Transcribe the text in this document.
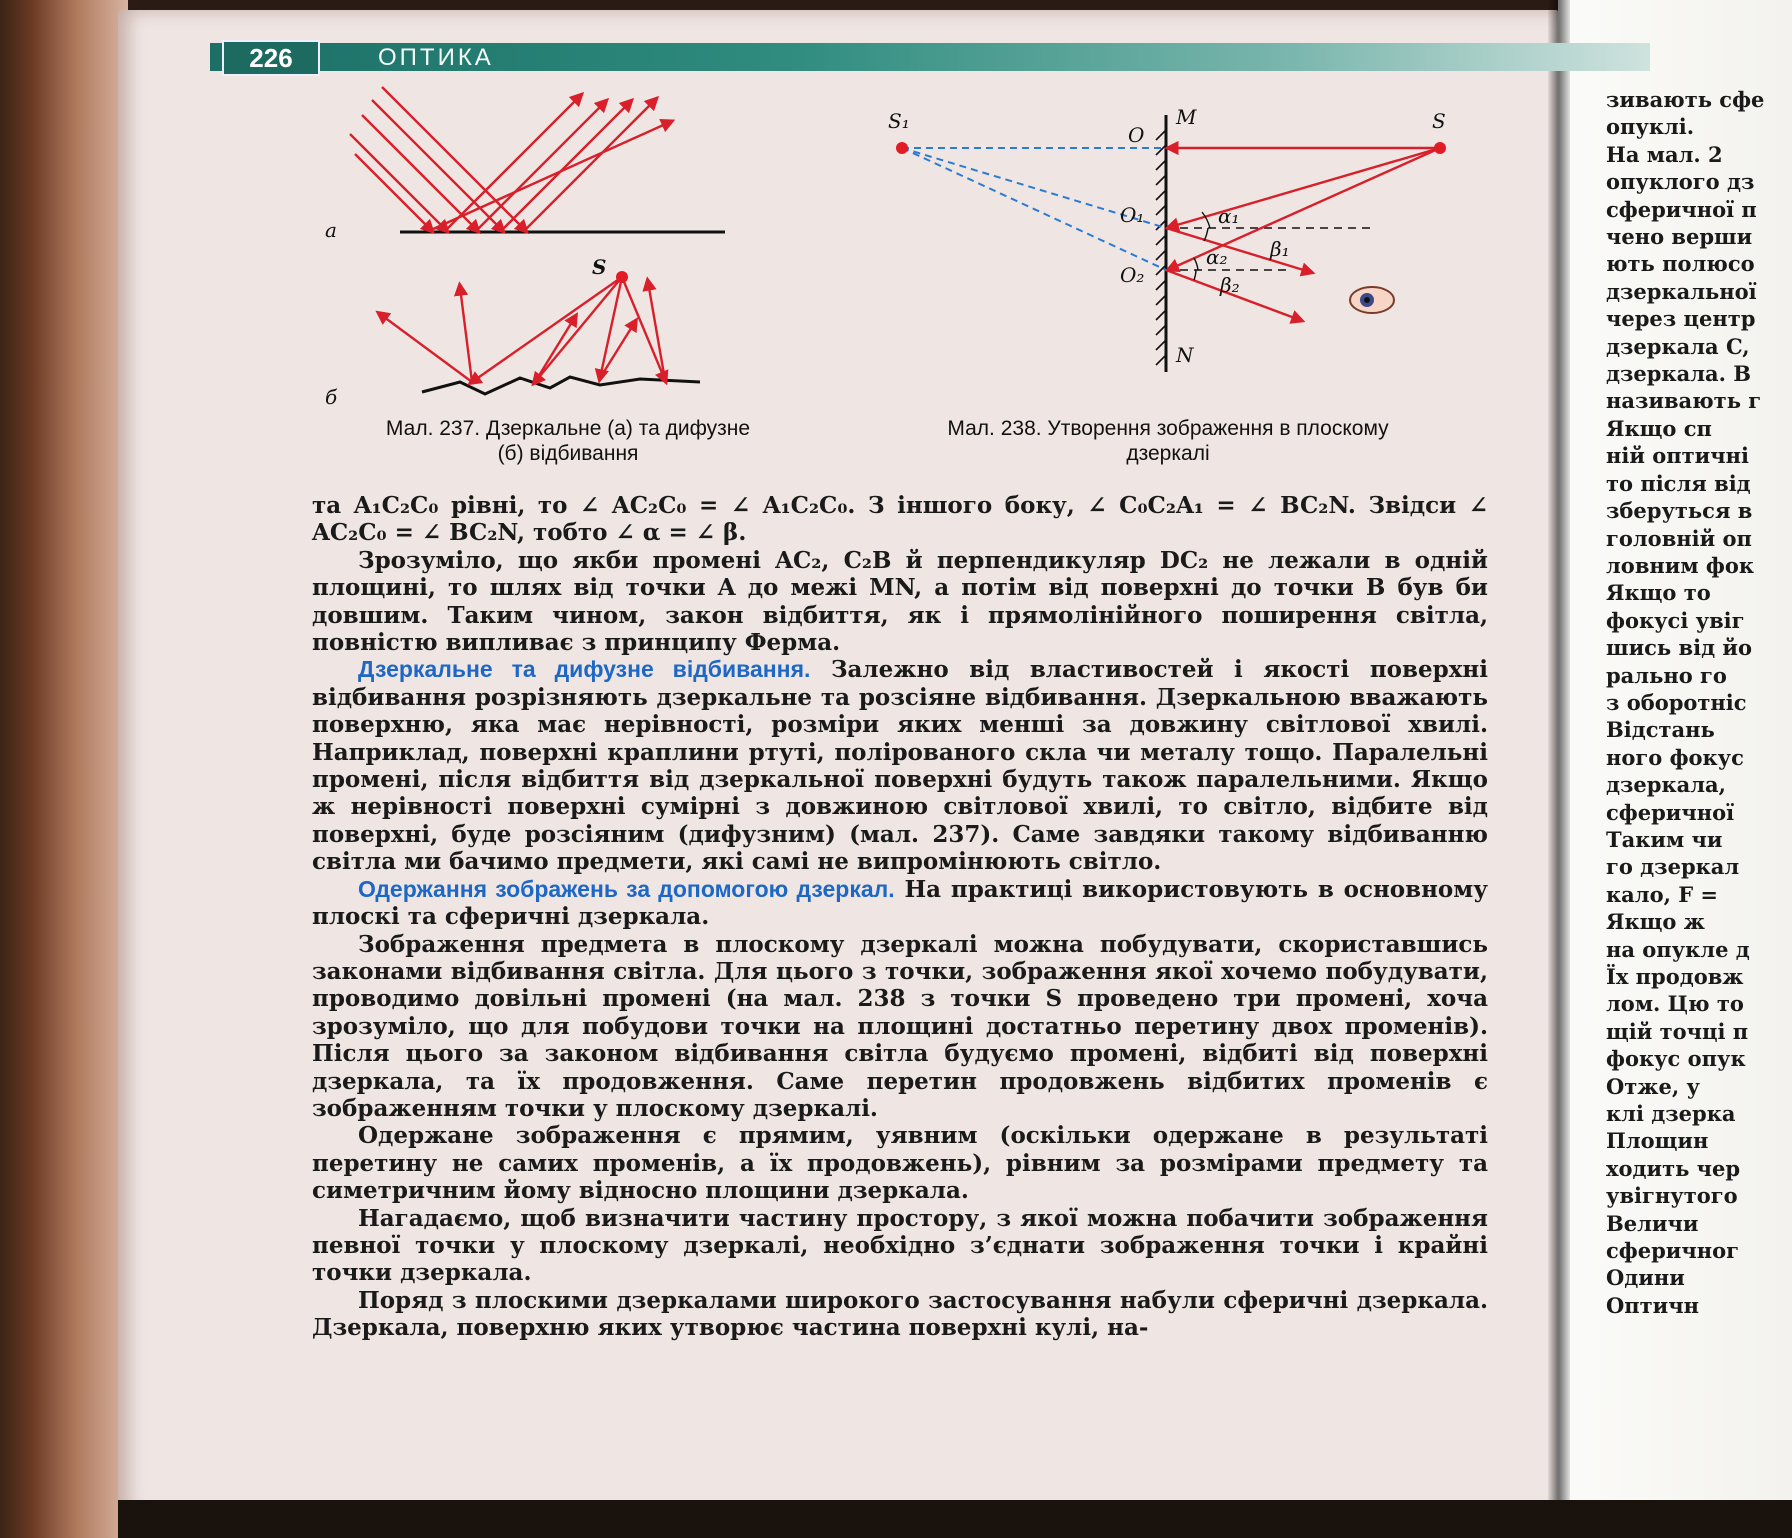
226	ОПТИКА
а
S
б
Мал. 237. Дзеркальне (а) та дифузне
(б) відбивання
S₁	S
O
M
O₁
O₂
N
α₁
β₁
α₂
β₂
Мал. 238. Утворення зображення в плоскому
дзеркалі

та A₁C₂C₀ рівні, то ∠ AC₂C₀ = ∠ A₁C₂C₀. З іншого боку, ∠ C₀C₂A₁ = ∠ BC₂N. Звідси ∠ AC₂C₀ = ∠ BC₂N, тобто ∠ α = ∠ β.

Зрозуміло, що якби промені AC₂, C₂B й перпендикуляр DC₂ не лежали в одній площині, то шлях від точки A до межі MN, а потім від поверхні до точки B був би довшим. Таким чином, закон відбиття, як і прямолінійного поширення світла, повністю випливає з принципу Ферма.

Дзеркальне та дифузне відбивання. Залежно від властивостей і якості поверхні відбивання розрізняють дзеркальне та розсіяне відбивання. Дзеркальною вважають поверхню, яка має нерівності, розміри яких менші за довжину світлової хвилі. Наприклад, поверхні краплини ртуті, полірованого скла чи металу тощо. Паралельні промені, після відбиття від дзеркальної поверхні будуть також паралельними. Якщо ж нерівності поверхні сумірні з довжиною світлової хвилі, то світло, відбите від поверхні, буде розсіяним (дифузним) (мал. 237). Саме завдяки такому відбиванню світла ми бачимо предмети, які самі не випромінюють світло.

Одержання зображень за допомогою дзеркал. На практиці використовують в основному плоскі та сферичні дзеркала.

Зображення предмета в плоскому дзеркалі можна побудувати, скориставшись законами відбивання світла. Для цього з точки, зображення якої хочемо побудувати, проводимо довільні промені (на мал. 238 з точки S проведено три промені, хоча зрозуміло, що для побудови точки на площині достатньо перетину двох променів). Після цього за законом відбивання світла будуємо промені, відбиті від поверхні дзеркала, та їх продовження. Саме перетин продовжень відбитих променів є зображенням точки у плоскому дзеркалі.

Одержане зображення є прямим, уявним (оскільки одержане в результаті перетину не самих променів, а їх продовжень), рівним за розмірами предмету та симетричним йому відносно площини дзеркала.

Нагадаємо, щоб визначити частину простору, з якої можна побачити зображення певної точки у плоскому дзеркалі, необхідно з’єднати зображення точки і крайні точки дзеркала.

Поряд з плоскими дзеркалами широкого застосування набули сферичні дзеркала. Дзеркала, поверхню яких утворює частина поверхні кулі, на-

зивають сфе
опуклі.
На мал. 2
опуклого дз
сферичної п
чено верши
ють полюсо
дзеркальної
через центр
дзеркала C,
дзеркала. В
називають г
Якщо сп
ній оптичні
то після від
зберуться в
головній оп
ловним фок
Якщо то
фокусі увіг
шись від йо
рально го
з оборотніс
Відстань
ного фокус
дзеркала,
сферичної
Таким чи
го дзеркал
кало, F =
Якщо ж
на опукле д
Їх продовж
лом. Цю то
щій точці п
фокус опук
Отже, у
клі дзерка
Площин
ходить чер
увігнутого
Величи
сферичног
Одини
Оптичн
